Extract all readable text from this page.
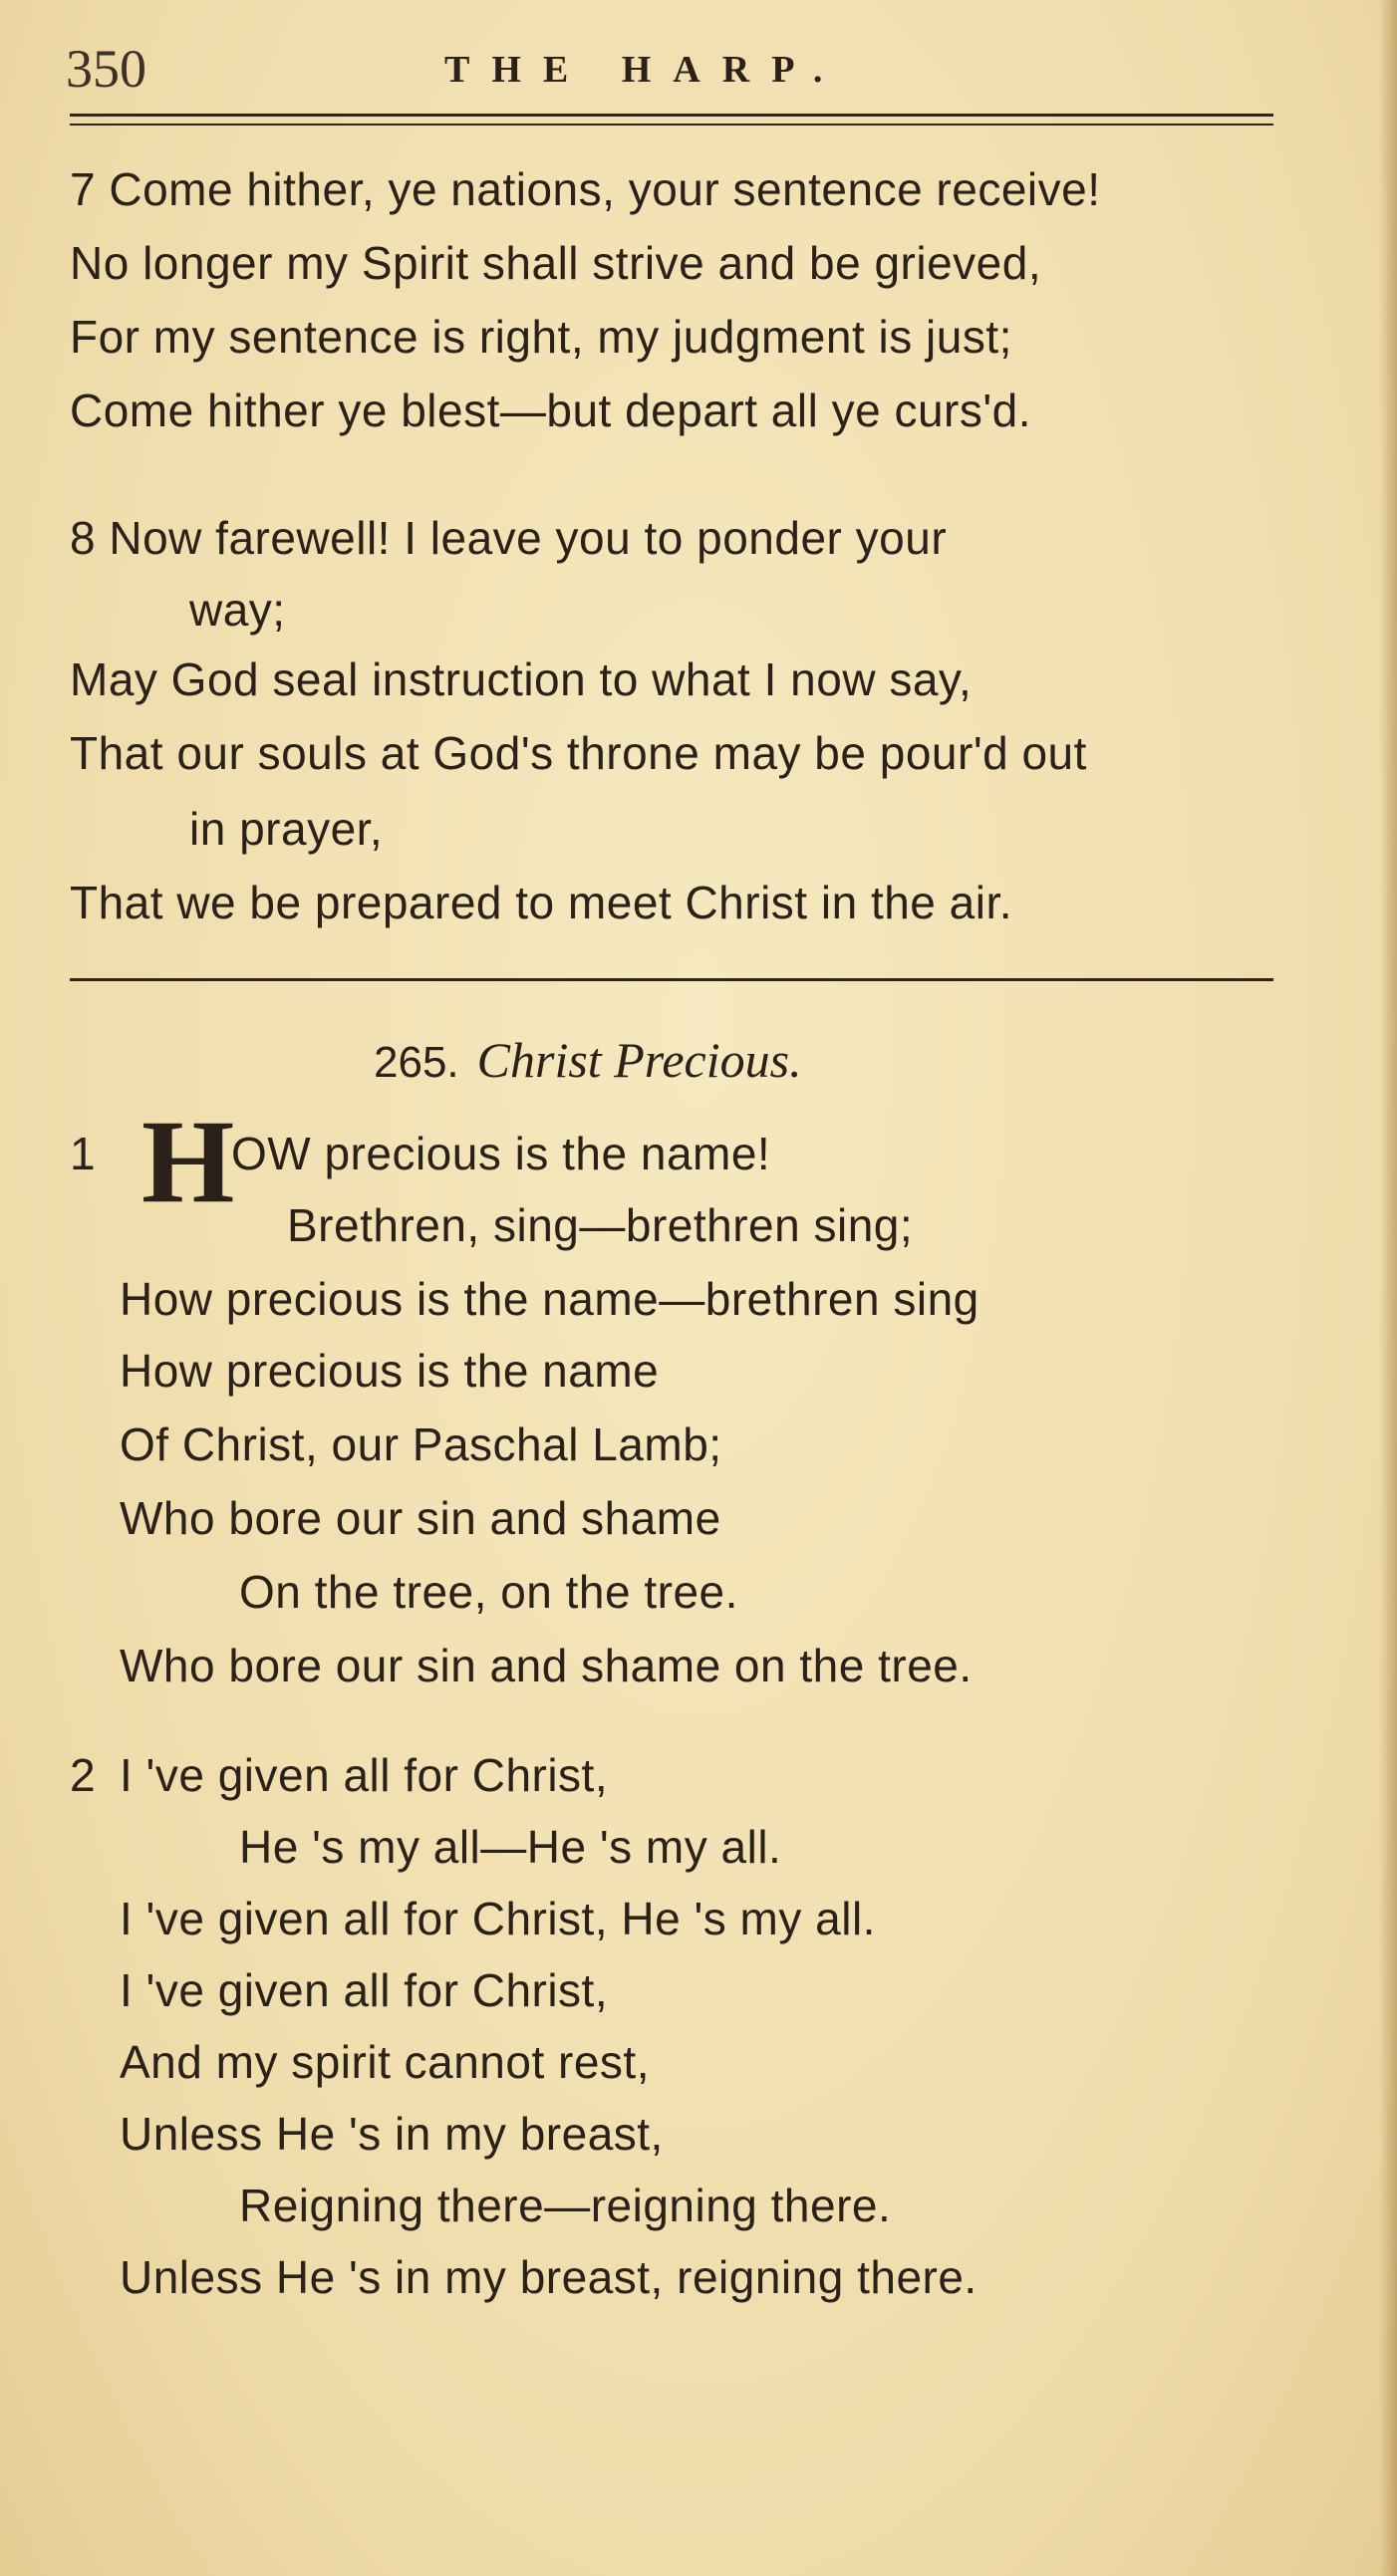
350	THE HARP.
7 Come hither, ye nations, your sentence receive!
No longer my Spirit shall strive and be grieved,
For my sentence is right, my judgment is just;
Come hither ye blest—but depart all ye curs'd.
8 Now farewell! I leave you to ponder your
way;
May God seal instruction to what I now say,
That our souls at God's throne may be pour'd out
in prayer,
That we be prepared to meet Christ in the air.
265. Christ Precious.
1 H
OW precious is the name!
Brethren, sing—brethren sing;
How precious is the name—brethren sing
How precious is the name
Of Christ, our Paschal Lamb;
Who bore our sin and shame
On the tree, on the tree.
Who bore our sin and shame on the tree.
2 I 've given all for Christ,
He 's my all—He 's my all.
I 've given all for Christ, He 's my all.
I 've given all for Christ,
And my spirit cannot rest,
Unless He 's in my breast,
Reigning there—reigning there.
Unless He 's in my breast, reigning there.
